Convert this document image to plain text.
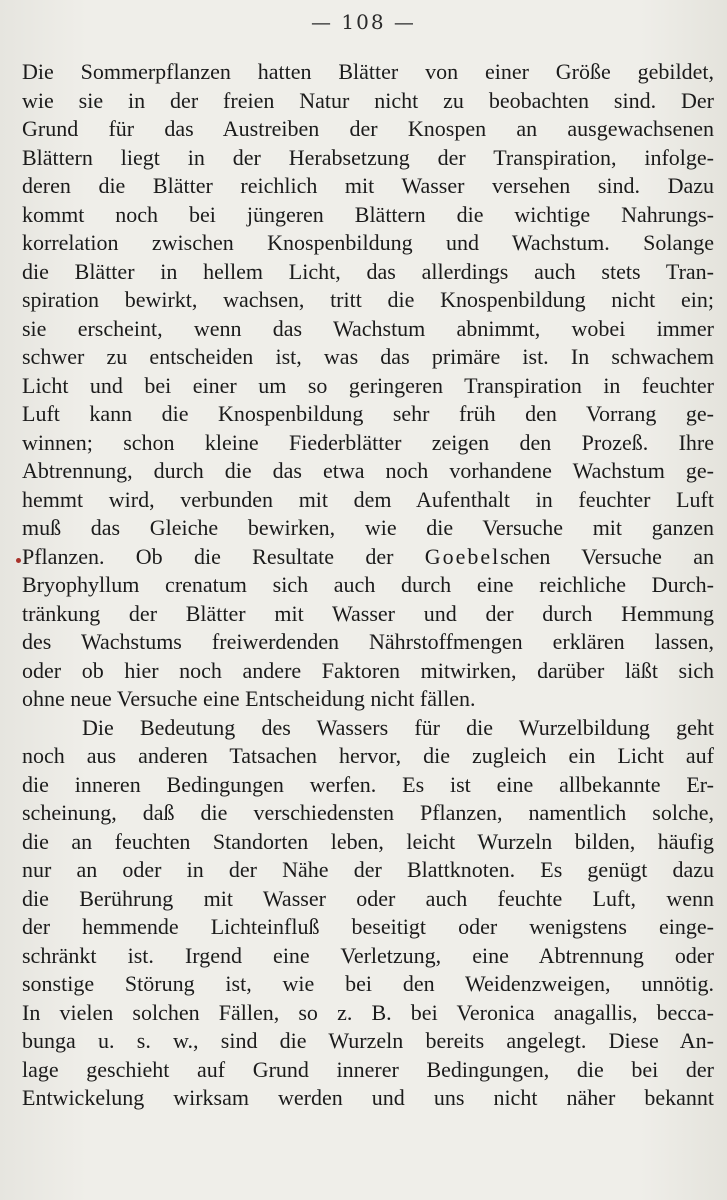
— 108 —
Die Sommerpflanzen hatten Blätter von einer Größe gebildet,
wie sie in der freien Natur nicht zu beobachten sind. Der
Grund für das Austreiben der Knospen an ausgewachsenen
Blättern liegt in der Herabsetzung der Transpiration, infolge-
deren die Blätter reichlich mit Wasser versehen sind. Dazu
kommt noch bei jüngeren Blättern die wichtige Nahrungs-
korrelation zwischen Knospenbildung und Wachstum. Solange
die Blätter in hellem Licht, das allerdings auch stets Tran-
spiration bewirkt, wachsen, tritt die Knospenbildung nicht ein;
sie erscheint, wenn das Wachstum abnimmt, wobei immer
schwer zu entscheiden ist, was das primäre ist. In schwachem
Licht und bei einer um so geringeren Transpiration in feuchter
Luft kann die Knospenbildung sehr früh den Vorrang ge-
winnen; schon kleine Fiederblätter zeigen den Prozeß. Ihre
Abtrennung, durch die das etwa noch vorhandene Wachstum ge-
hemmt wird, verbunden mit dem Aufenthalt in feuchter Luft
muß das Gleiche bewirken, wie die Versuche mit ganzen
Pflanzen. Ob die Resultate der Goebelschen Versuche an
Bryophyllum crenatum sich auch durch eine reichliche Durch-
tränkung der Blätter mit Wasser und der durch Hemmung
des Wachstums freiwerdenden Nährstoffmengen erklären lassen,
oder ob hier noch andere Faktoren mitwirken, darüber läßt sich
ohne neue Versuche eine Entscheidung nicht fällen.
Die Bedeutung des Wassers für die Wurzelbildung geht
noch aus anderen Tatsachen hervor, die zugleich ein Licht auf
die inneren Bedingungen werfen. Es ist eine allbekannte Er-
scheinung, daß die verschiedensten Pflanzen, namentlich solche,
die an feuchten Standorten leben, leicht Wurzeln bilden, häufig
nur an oder in der Nähe der Blattknoten. Es genügt dazu
die Berührung mit Wasser oder auch feuchte Luft, wenn
der hemmende Lichteinfluß beseitigt oder wenigstens einge-
schränkt ist. Irgend eine Verletzung, eine Abtrennung oder
sonstige Störung ist, wie bei den Weidenzweigen, unnötig.
In vielen solchen Fällen, so z. B. bei Veronica anagallis, becca-
bunga u. s. w., sind die Wurzeln bereits angelegt. Diese An-
lage geschieht auf Grund innerer Bedingungen, die bei der
Entwickelung wirksam werden und uns nicht näher bekannt
